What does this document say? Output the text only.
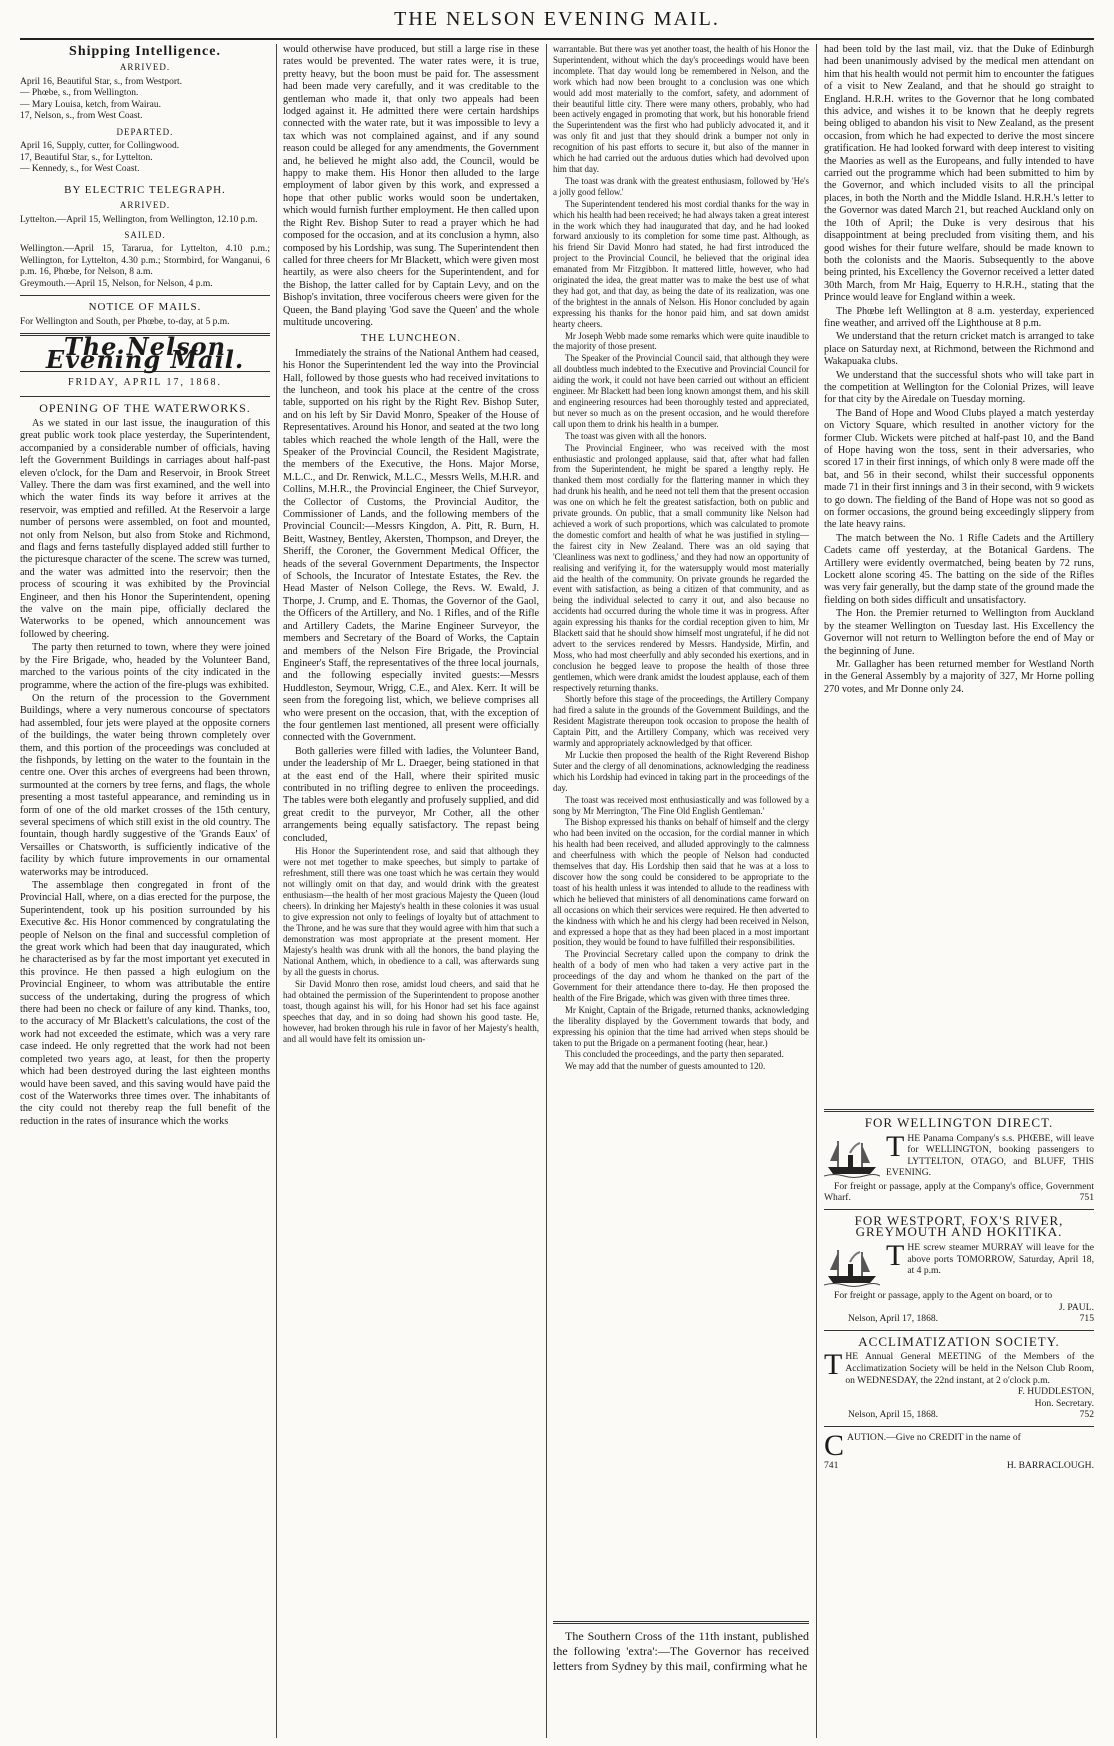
THE NELSON EVENING MAIL.
Shipping Intelligence.
ARRIVED.
April 16, Beautiful Star, s., from Westport.
— Phœbe, s., from Wellington.
— Mary Louisa, ketch, from Wairau.
17, Nelson, s., from West Coast.
DEPARTED.
April 16, Supply, cutter, for Collingwood.
17, Beautiful Star, s., for Lyttelton.
— Kennedy, s., for West Coast.
BY ELECTRIC TELEGRAPH.
ARRIVED.
Lyttelton.—April 15, Wellington, from Wellington, 12.10 p.m.
SAILED.
Wellington.—April 15, Tararua, for Lyttelton, 4.10 p.m.; Wellington, for Lyttelton, 4.30 p.m.; Stormbird, for Wanganui, 6 p.m. 16, Phœbe, for Nelson, 8 a.m.
Greymouth.—April 15, Nelson, for Nelson, 4 p.m.
NOTICE OF MAILS.
For Wellington and South, per Phœbe, to-day, at 5 p.m.
The Nelson Evening Mail.
FRIDAY, APRIL 17, 1868.
OPENING OF THE WATERWORKS.

As we stated in our last issue, the inauguration of this great public work took place yesterday, the Superintendent, accompanied by a considerable number of officials, having left the Government Buildings in carriages about half-past eleven o'clock, for the Dam and Reservoir, in Brook Street Valley. There the dam was first examined, and the well into which the water finds its way before it arrives at the reservoir, was emptied and refilled. At the Reservoir a large number of persons were assembled, on foot and mounted, not only from Nelson, but also from Stoke and Richmond, and flags and ferns tastefully displayed added still further to the picturesque character of the scene. The screw was turned, and the water was admitted into the reservoir; then the process of scouring it was exhibited by the Provincial Engineer, and then his Honor the Superintendent, opening the valve on the main pipe, officially declared the Waterworks to be opened, which announcement was followed by cheering.

The party then returned to town, where they were joined by the Fire Brigade, who, headed by the Volunteer Band, marched to the various points of the city indicated in the programme, where the action of the fire-plugs was exhibited.

On the return of the procession to the Government Buildings, where a very numerous concourse of spectators had assembled, four jets were played at the opposite corners of the buildings, the water being thrown completely over them, and this portion of the proceedings was concluded at the fishponds, by letting on the water to the fountain in the centre one. Over this arches of evergreens had been thrown, surmounted at the corners by tree ferns, and flags, the whole presenting a most tasteful appearance, and reminding us in form of one of the old market crosses of the 15th century, several specimens of which still exist in the old country. The fountain, though hardly suggestive of the 'Grands Eaux' of Versailles or Chatsworth, is sufficiently indicative of the facility by which future improvements in our ornamental waterworks may be introduced.

The assemblage then congregated in front of the Provincial Hall, where, on a dias erected for the purpose, the Superintendent, took up his position surrounded by his Executive &c. His Honor commenced by congratulating the people of Nelson on the final and successful completion of the great work which had been that day inaugurated, which he characterised as by far the most important yet executed in this province. He then passed a high eulogium on the Provincial Engineer, to whom was attributable the entire success of the undertaking, during the progress of which there had been no check or failure of any kind. Thanks, too, to the accuracy of Mr Blackett's calculations, the cost of the work had not exceeded the estimate, which was a very rare case indeed. He only regretted that the work had not been completed two years ago, at least, for then the property which had been destroyed during the last eighteen months would have been saved, and this saving would have paid the cost of the Waterworks three times over. The inhabitants of the city could not thereby reap the full benefit of the reduction in the rates of insurance which the works

would otherwise have produced, but still a large rise in these rates would be prevented. The water rates were, it is true, pretty heavy, but the boon must be paid for. The assessment had been made very carefully, and it was creditable to the gentleman who made it, that only two appeals had been lodged against it. He admitted there were certain hardships connected with the water rate, but it was impossible to levy a tax which was not complained against, and if any sound reason could be alleged for any amendments, the Government and, he believed he might also add, the Council, would be happy to make them. His Honor then alluded to the large employment of labor given by this work, and expressed a hope that other public works would soon be undertaken, which would furnish further employment. He then called upon the Right Rev. Bishop Suter to read a prayer which he had composed for the occasion, and at its conclusion a hymn, also composed by his Lordship, was sung. The Superintendent then called for three cheers for Mr Blackett, which were given most heartily, as were also cheers for the Superintendent, and for the Bishop, the latter called for by Captain Levy, and on the Bishop's invitation, three vociferous cheers were given for the Queen, the Band playing 'God save the Queen' and the whole multitude uncovering.

THE LUNCHEON.

Immediately the strains of the National Anthem had ceased, his Honor the Superintendent led the way into the Provincial Hall, followed by those guests who had received invitations to the luncheon, and took his place at the centre of the cross table, supported on his right by the Right Rev. Bishop Suter, and on his left by Sir David Monro, Speaker of the House of Representatives. Around his Honor, and seated at the two long tables which reached the whole length of the Hall, were the Speaker of the Provincial Council, the Resident Magistrate, the members of the Executive, the Hons. Major Morse, M.L.C., and Dr. Renwick, M.L.C., Messrs Wells, M.H.R. and Collins, M.H.R., the Provincial Engineer, the Chief Surveyor, the Collector of Customs, the Provincial Auditor, the Commissioner of Lands, and the following members of the Provincial Council:—Messrs Kingdon, A. Pitt, R. Burn, H. Beitt, Wastney, Bentley, Akersten, Thompson, and Dreyer, the Sheriff, the Coroner, the Government Medical Officer, the heads of the several Government Departments, the Inspector of Schools, the Incurator of Intestate Estates, the Rev. the Head Master of Nelson College, the Revs. W. Ewald, J. Thorpe, J. Crump, and E. Thomas, the Governor of the Gaol, the Officers of the Artillery, and No. 1 Rifles, and of the Rifle and Artillery Cadets, the Marine Engineer Surveyor, the members and Secretary of the Board of Works, the Captain and members of the Nelson Fire Brigade, the Provincial Engineer's Staff, the representatives of the three local journals, and the following especially invited guests:—Messrs Huddleston, Seymour, Wrigg, C.E., and Alex. Kerr. It will be seen from the foregoing list, which, we believe comprises all who were present on the occasion, that, with the exception of the four gentlemen last mentioned, all present were officially connected with the Government.

Both galleries were filled with ladies, the Volunteer Band, under the leadership of Mr L. Draeger, being stationed in that at the east end of the Hall, where their spirited music contributed in no trifling degree to enliven the proceedings. The tables were both elegantly and profusely supplied, and did great credit to the purveyor, Mr Cother, all the other arrangements being equally satisfactory. The repast being concluded,

His Honor the Superintendent rose, and said that although they were not met together to make speeches, but simply to partake of refreshment, still there was one toast which he was certain they would not willingly omit on that day, and would drink with the greatest enthusiasm—the health of her most gracious Majesty the Queen (loud cheers). In drinking her Majesty's health in these colonies it was usual to give expression not only to feelings of loyalty but of attachment to the Throne, and he was sure that they would agree with him that such a demonstration was most appropriate at the present moment. Her Majesty's health was drunk with all the honors, the band playing the National Anthem, which, in obedience to a call, was afterwards sung by all the guests in chorus.

Sir David Monro then rose, amidst loud cheers, and said that he had obtained the permission of the Superintendent to propose another toast, though against his will, for his Honor had set his face against speeches that day, and in so doing had shown his good taste. He, however, had broken through his rule in favor of her Majesty's health, and all would have felt its omission un-

warrantable. But there was yet another toast, the health of his Honor the Superintendent, without which the day's proceedings would have been incomplete. That day would long be remembered in Nelson, and the work which had now been brought to a conclusion was one which would add most materially to the comfort, safety, and adornment of their beautiful little city. There were many others, probably, who had been actively engaged in promoting that work, but his honorable friend the Superintendent was the first who had publicly advocated it, and it was only fit and just that they should drink a bumper not only in recognition of his past efforts to secure it, but also of the manner in which he had carried out the arduous duties which had devolved upon him that day.

The toast was drank with the greatest enthusiasm, followed by 'He's a jolly good fellow.'

The Superintendent tendered his most cordial thanks for the way in which his health had been received; he had always taken a great interest in the work which they had inaugurated that day, and he had looked forward anxiously to its completion for some time past. Although, as his friend Sir David Monro had stated, he had first introduced the project to the Provincial Council, he believed that the original idea emanated from Mr Fitzgibbon. It mattered little, however, who had originated the idea, the great matter was to make the best use of what they had got, and that day, as being the date of its realization, was one of the brightest in the annals of Nelson. His Honor concluded by again expressing his thanks for the honor paid him, and sat down amidst hearty cheers.

Mr Joseph Webb made some remarks which were quite inaudible to the majority of those present.

The Speaker of the Provincial Council said, that although they were all doubtless much indebted to the Executive and Provincial Council for aiding the work, it could not have been carried out without an efficient engineer. Mr Blackett had been long known amongst them, and his skill and engineering resources had been thoroughly tested and appreciated, but never so much as on the present occasion, and he would therefore call upon them to drink his health in a bumper.

The toast was given with all the honors.

The Provincial Engineer, who was received with the most enthusiastic and prolonged applause, said that, after what had fallen from the Superintendent, he might be spared a lengthy reply. He thanked them most cordially for the flattering manner in which they had drunk his health, and he need not tell them that the present occasion was one on which he felt the greatest satisfaction, both on public and private grounds. On public, that a small community like Nelson had achieved a work of such proportions, which was calculated to promote the domestic comfort and health of what he was justified in styling—the fairest city in New Zealand. There was an old saying that 'Cleanliness was next to godliness,' and they had now an opportunity of realising and verifying it, for the watersupply would most materially aid the health of the community. On private grounds he regarded the event with satisfaction, as being a citizen of that community, and as being the individual selected to carry it out, and also because no accidents had occurred during the whole time it was in progress. After again expressing his thanks for the cordial reception given to him, Mr Blackett said that he should show himself most ungrateful, if he did not advert to the services rendered by Messrs. Handyside, Mirfin, and Moss, who had most cheerfully and ably seconded his exertions, and in conclusion he begged leave to propose the health of those three gentlemen, which were drank amidst the loudest applause, each of them respectively returning thanks.

Shortly before this stage of the proceedings, the Artillery Company had fired a salute in the grounds of the Government Buildings, and the Resident Magistrate thereupon took occasion to propose the health of Captain Pitt, and the Artillery Company, which was received very warmly and appropriately acknowledged by that officer.

Mr Luckie then proposed the health of the Right Reverend Bishop Suter and the clergy of all denominations, acknowledging the readiness which his Lordship had evinced in taking part in the proceedings of the day.

The toast was received most enthusiastically and was followed by a song by Mr Merrington, 'The Fine Old English Gentleman.'

The Bishop expressed his thanks on behalf of himself and the clergy who had been invited on the occasion, for the cordial manner in which his health had been received, and alluded approvingly to the calmness and cheerfulness with which the people of Nelson had conducted themselves that day. His Lordship then said that he was at a loss to discover how the song could be considered to be appropriate to the toast of his health unless it was intended to allude to the readiness with which he believed that ministers of all denominations came forward on all occasions on which their services were required. He then adverted to the kindness with which he and his clergy had been received in Nelson, and expressed a hope that as they had been placed in a most important position, they would be found to have fulfilled their responsibilities.

The Provincial Secretary called upon the company to drink the health of a body of men who had taken a very active part in the proceedings of the day and whom he thanked on the part of the Government for their attendance there to-day. He then proposed the health of the Fire Brigade, which was given with three times three.

Mr Knight, Captain of the Brigade, returned thanks, acknowledging the liberality displayed by the Government towards that body, and expressing his opinion that the time had arrived when steps should be taken to put the Brigade on a permanent footing (hear, hear.)

This concluded the proceedings, and the party then separated.

We may add that the number of guests amounted to 120.

The Southern Cross of the 11th instant, published the following 'extra':—The Governor has received letters from Sydney by this mail, confirming what he

had been told by the last mail, viz. that the Duke of Edinburgh had been unanimously advised by the medical men attendant on him that his health would not permit him to encounter the fatigues of a visit to New Zealand, and that he should go straight to England. H.R.H. writes to the Governor that he long combated this advice, and wishes it to be known that he deeply regrets being obliged to abandon his visit to New Zealand, as the present occasion, from which he had expected to derive the most sincere gratification. He had looked forward with deep interest to visiting the Maories as well as the Europeans, and fully intended to have carried out the programme which had been submitted to him by the Governor, and which included visits to all the principal places, in both the North and the Middle Island. H.R.H.'s letter to the Governor was dated March 21, but reached Auckland only on the 10th of April; the Duke is very desirous that his disappointment at being precluded from visiting them, and his good wishes for their future welfare, should be made known to both the colonists and the Maoris. Subsequently to the above being printed, his Excellency the Governor received a letter dated 30th March, from Mr Haig, Equerry to H.R.H., stating that the Prince would leave for England within a week.

The Phœbe left Wellington at 8 a.m. yesterday, experienced fine weather, and arrived off the Lighthouse at 8 p.m.

We understand that the return cricket match is arranged to take place on Saturday next, at Richmond, between the Richmond and Wakapuaka clubs.

We understand that the successful shots who will take part in the competition at Wellington for the Colonial Prizes, will leave for that city by the Airedale on Tuesday morning.

The Band of Hope and Wood Clubs played a match yesterday on Victory Square, which resulted in another victory for the former Club. Wickets were pitched at half-past 10, and the Band of Hope having won the toss, sent in their adversaries, who scored 17 in their first innings, of which only 8 were made off the bat, and 56 in their second, whilst their successful opponents made 71 in their first innings and 3 in their second, with 9 wickets to go down. The fielding of the Band of Hope was not so good as on former occasions, the ground being exceedingly slippery from the late heavy rains.

The match between the No. 1 Rifle Cadets and the Artillery Cadets came off yesterday, at the Botanical Gardens. The Artillery were evidently overmatched, being beaten by 72 runs, Lockett alone scoring 45. The batting on the side of the Rifles was very fair generally, but the damp state of the ground made the fielding on both sides difficult and unsatisfactory.

The Hon. the Premier returned to Wellington from Auckland by the steamer Wellington on Tuesday last. His Excellency the Governor will not return to Wellington before the end of May or the beginning of June.

Mr. Gallagher has been returned member for Westland North in the General Assembly by a majority of 327, Mr Horne polling 270 votes, and Mr Donne only 24.

FOR WELLINGTON DIRECT.
T HE Panama Company's s.s. PHŒBE, will leave for WELLINGTON, booking passengers to LYTTELTON, OTAGO, and BLUFF, THIS EVENING.
For freight or passage, apply at the Company's office, Government Wharf.	751
FOR WESTPORT, FOX'S RIVER, GREYMOUTH AND HOKITIKA.
T HE screw steamer MURRAY will leave for the above ports TOMORROW, Saturday, April 18, at 4 p.m.
For freight or passage, apply to the Agent on board, or to
J. PAUL.
Nelson, April 17, 1868.	715
ACCLIMATIZATION SOCIETY.
T HE Annual General MEETING of the Members of the Acclimatization Society will be held in the Nelson Club Room, on WEDNESDAY, the 22nd instant, at 2 o'clock p.m.
F. HUDDLESTON,
Hon. Secretary.
Nelson, April 15, 1868.	752
C AUTION.—Give no CREDIT in the name of
741	H. BARRACLOUGH.
